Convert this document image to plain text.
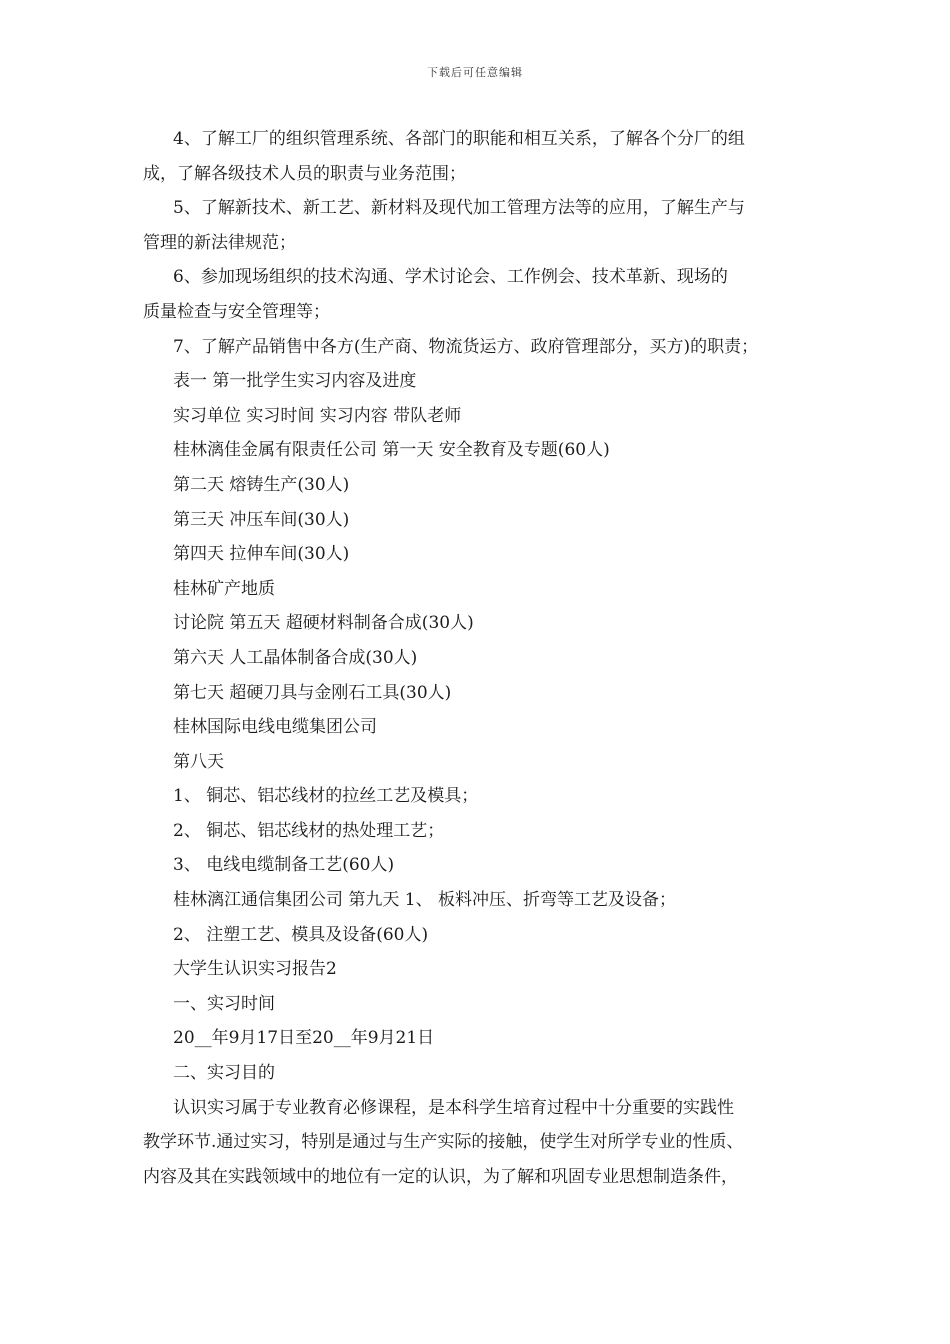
下载后可任意编辑
4、了解工厂的组织管理系统、各部门的职能和相互关系，了解各个分厂的组
成，了解各级技术人员的职责与业务范围；
5、了解新技术、新工艺、新材料及现代加工管理方法等的应用，了解生产与
管理的新法律规范；
6、参加现场组织的技术沟通、学术讨论会、工作例会、技术革新、现场的
质量检查与安全管理等；
7、了解产品销售中各方(生产商、物流货运方、政府管理部分，买方)的职责；
表一 第一批学生实习内容及进度
实习单位 实习时间 实习内容 带队老师
桂林漓佳金属有限责任公司 第一天 安全教育及专题(60人)
第二天 熔铸生产(30人)
第三天 冲压车间(30人)
第四天 拉伸车间(30人)
桂林矿产地质
讨论院 第五天 超硬材料制备合成(30人)
第六天 人工晶体制备合成(30人)
第七天 超硬刀具与金刚石工具(30人)
桂林国际电线电缆集团公司
第八天
1、 铜芯、铝芯线材的拉丝工艺及模具；
2、 铜芯、铝芯线材的热处理工艺；
3、 电线电缆制备工艺(60人)
桂林漓江通信集团公司 第九天 1、 板料冲压、折弯等工艺及设备；
2、 注塑工艺、模具及设备(60人)
大学生认识实习报告2
一、实习时间
20__年9月17日至20__年9月21日
二、实习目的
认识实习属于专业教育必修课程，是本科学生培育过程中十分重要的实践性
教学环节.通过实习，特别是通过与生产实际的接触，使学生对所学专业的性质、
内容及其在实践领域中的地位有一定的认识，为了解和巩固专业思想制造条件，
